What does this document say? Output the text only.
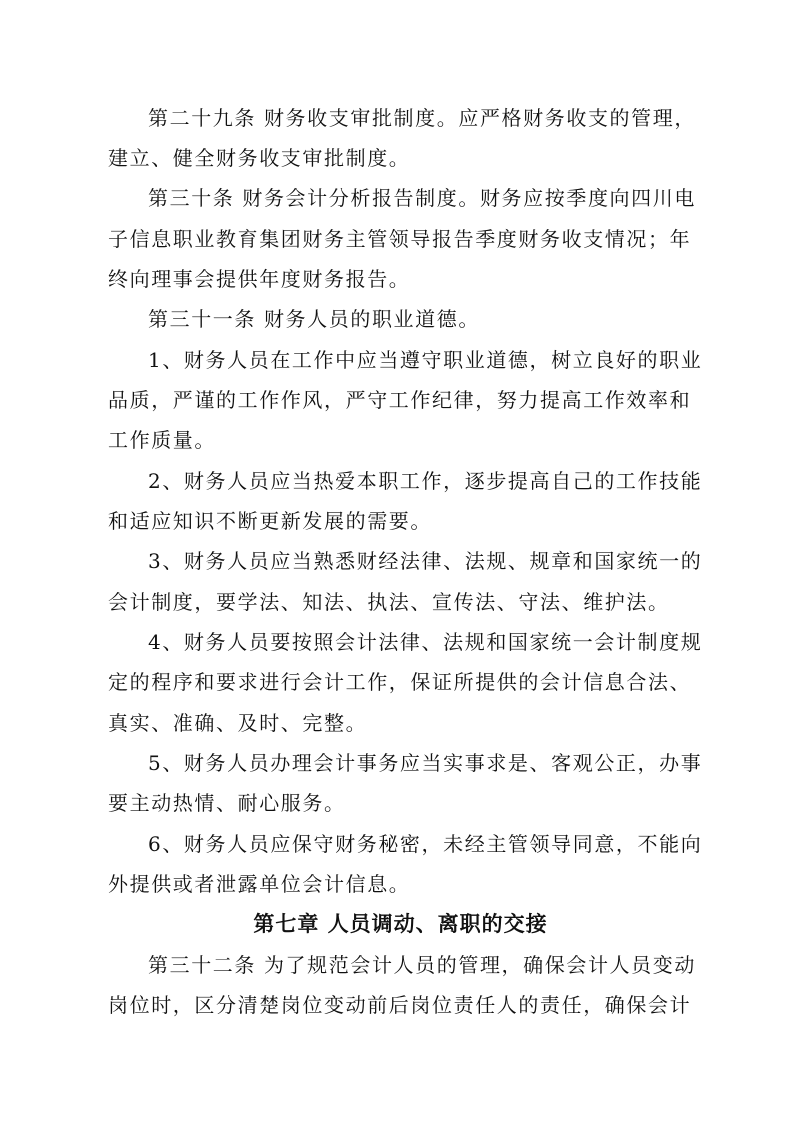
第二十九条 财务收支审批制度。应严格财务收支的管理，
建立、健全财务收支审批制度。
第三十条 财务会计分析报告制度。财务应按季度向四川电
子信息职业教育集团财务主管领导报告季度财务收支情况；年
终向理事会提供年度财务报告。
第三十一条 财务人员的职业道德。
1、财务人员在工作中应当遵守职业道德，树立良好的职业
品质，严谨的工作作风，严守工作纪律，努力提高工作效率和
工作质量。
2、财务人员应当热爱本职工作，逐步提高自己的工作技能
和适应知识不断更新发展的需要。
3、财务人员应当熟悉财经法律、法规、规章和国家统一的
会计制度，要学法、知法、执法、宣传法、守法、维护法。
4、财务人员要按照会计法律、法规和国家统一会计制度规
定的程序和要求进行会计工作，保证所提供的会计信息合法、
真实、准确、及时、完整。
5、财务人员办理会计事务应当实事求是、客观公正，办事
要主动热情、耐心服务。
6、财务人员应保守财务秘密，未经主管领导同意，不能向
外提供或者泄露单位会计信息。
第七章 人员调动、离职的交接
第三十二条 为了规范会计人员的管理，确保会计人员变动
岗位时，区分清楚岗位变动前后岗位责任人的责任，确保会计
